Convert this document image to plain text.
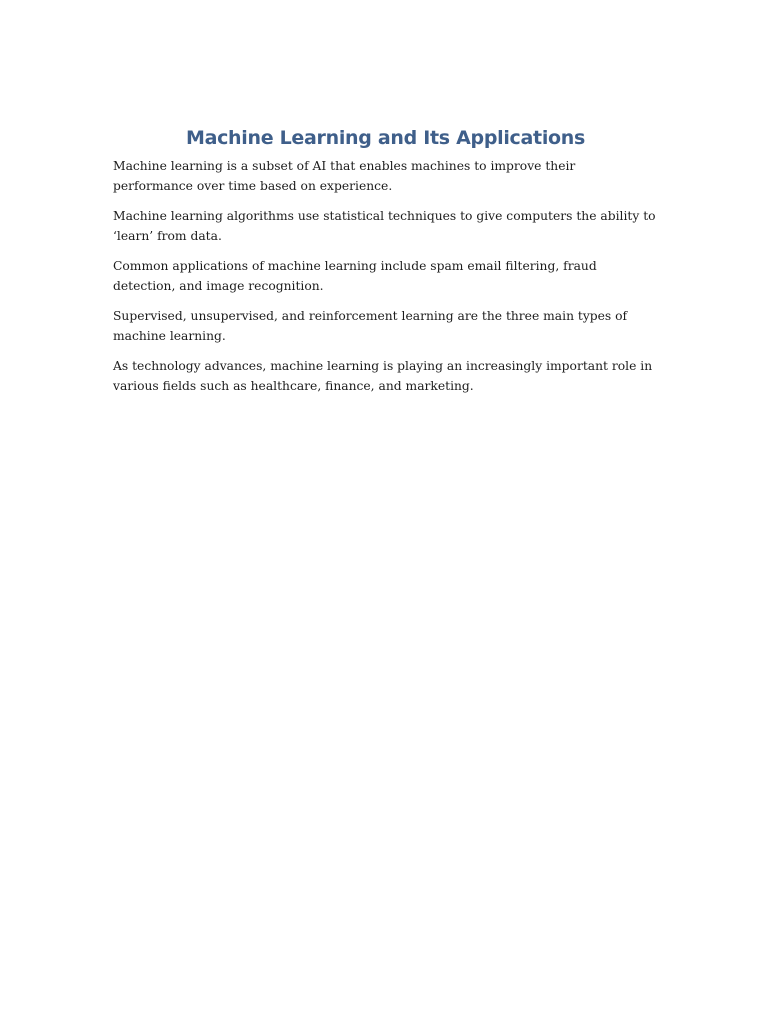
Machine Learning and Its Applications

Machine learning is a subset of AI that enables machines to improve their performance over time based on experience.

Machine learning algorithms use statistical techniques to give computers the ability to ‘learn’ from data.

Common applications of machine learning include spam email filtering, fraud detection, and image recognition.

Supervised, unsupervised, and reinforcement learning are the three main types of machine learning.

As technology advances, machine learning is playing an increasingly important role in various fields such as healthcare, finance, and marketing.
